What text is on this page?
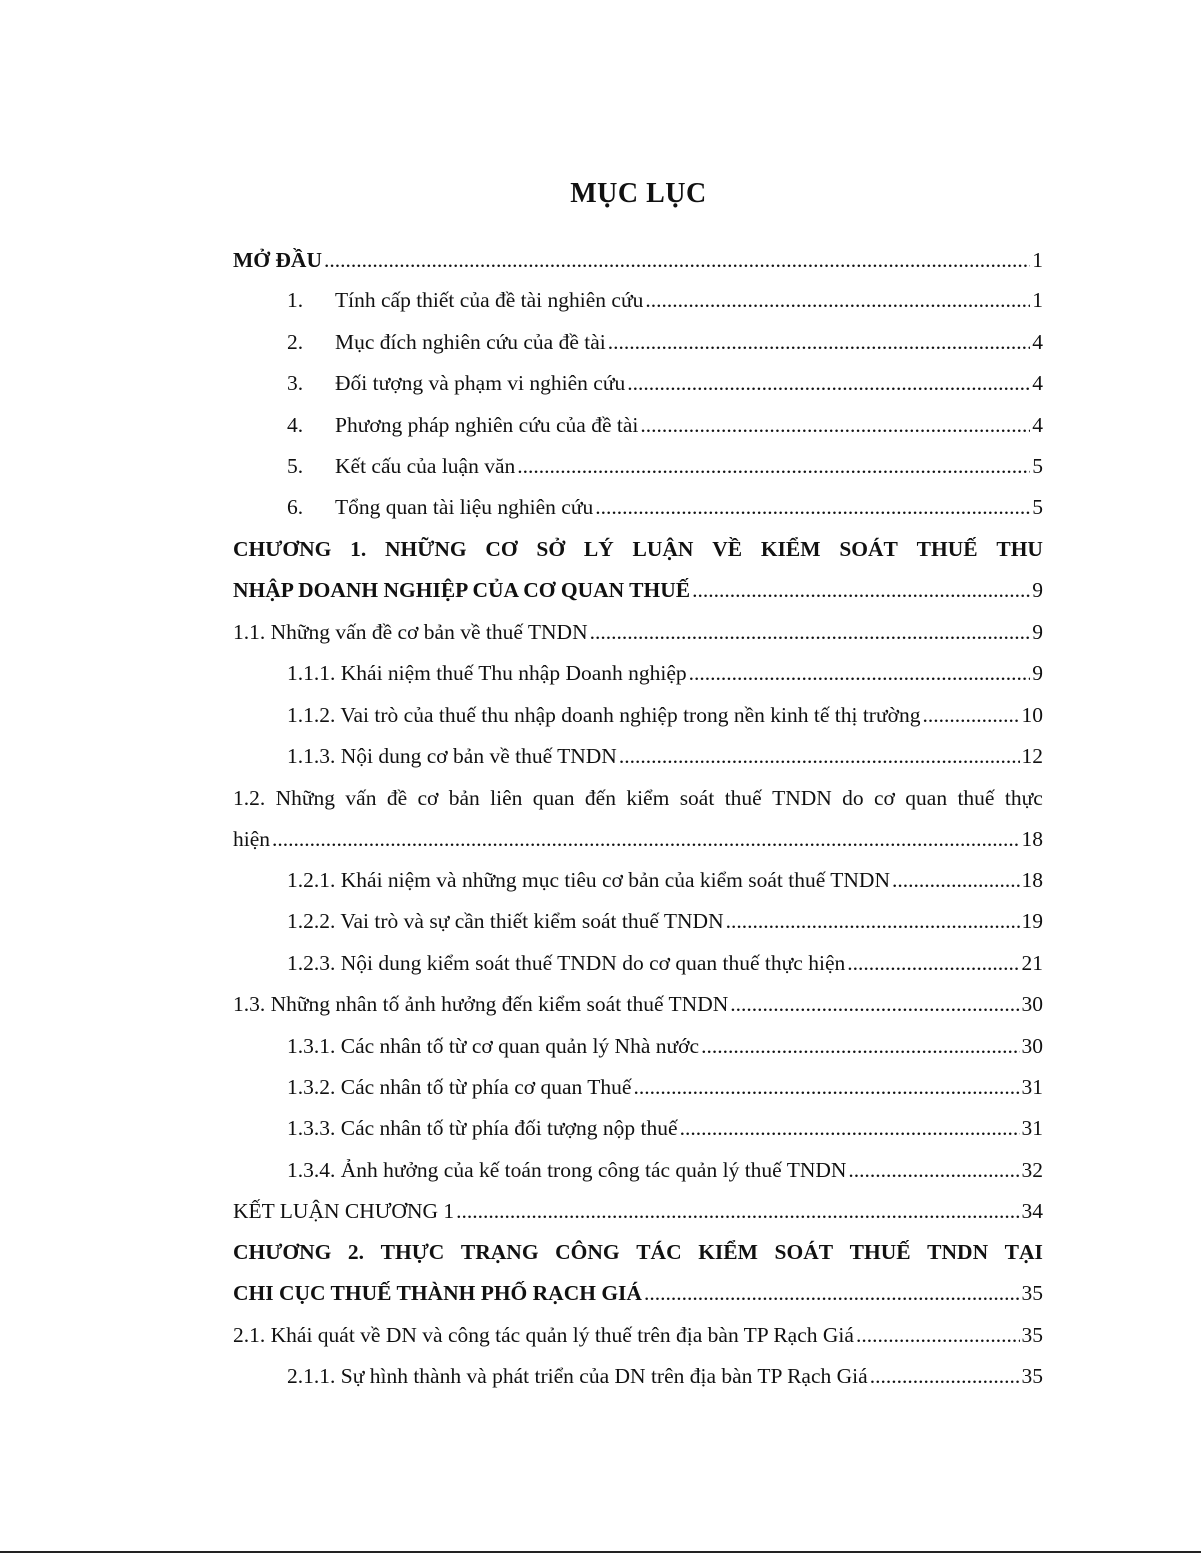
MỤC LỤC
MỞ ĐẦU .....	1
1.	Tính cấp thiết của đề tài nghiên cứu .....	1
2.	Mục đích nghiên cứu của đề tài .....	4
3.	Đối tượng và phạm vi nghiên cứu .....	4
4.	Phương pháp nghiên cứu của đề tài .....	4
5.	Kết cấu của luận văn .....	5
6.	Tổng quan tài liệu nghiên cứu .....	5
CHƯƠNG 1. NHỮNG CƠ SỞ LÝ LUẬN VỀ KIỂM SOÁT THUẾ THU
NHẬP DOANH NGHIỆP CỦA CƠ QUAN THUẾ .....	9
1.1. Những vấn đề cơ bản về thuế TNDN .....	9
1.1.1. Khái niệm thuế Thu nhập Doanh nghiệp .....	9
1.1.2. Vai trò của thuế thu nhập doanh nghiệp trong nền kinh tế thị trường .....	10
1.1.3. Nội dung cơ bản về thuế TNDN .....	12
1.2. Những vấn đề cơ bản liên quan đến kiểm soát thuế TNDN do cơ quan thuế thực
hiện .....	18
1.2.1. Khái niệm và những mục tiêu cơ bản của kiểm soát thuế TNDN .....	18
1.2.2. Vai trò và sự cần thiết kiểm soát thuế TNDN .....	19
1.2.3. Nội dung kiểm soát thuế TNDN do cơ quan thuế thực hiện .....	21
1.3. Những nhân tố ảnh hưởng đến kiểm soát thuế TNDN .....	30
1.3.1. Các nhân tố từ cơ quan quản lý Nhà nước .....	30
1.3.2. Các nhân tố từ phía cơ quan Thuế .....	31
1.3.3. Các nhân tố từ phía đối tượng nộp thuế .....	31
1.3.4. Ảnh hưởng của kế toán trong công tác quản lý thuế TNDN .....	32
KẾT LUẬN CHƯƠNG 1 .....	34
CHƯƠNG 2. THỰC TRẠNG CÔNG TÁC KIỂM SOÁT THUẾ TNDN TẠI
CHI CỤC THUẾ THÀNH PHỐ RẠCH GIÁ .....	35
2.1. Khái quát về DN và công tác quản lý thuế trên địa bàn TP Rạch Giá .....	35
2.1.1. Sự hình thành và phát triển của DN trên địa bàn TP Rạch Giá .....	35
